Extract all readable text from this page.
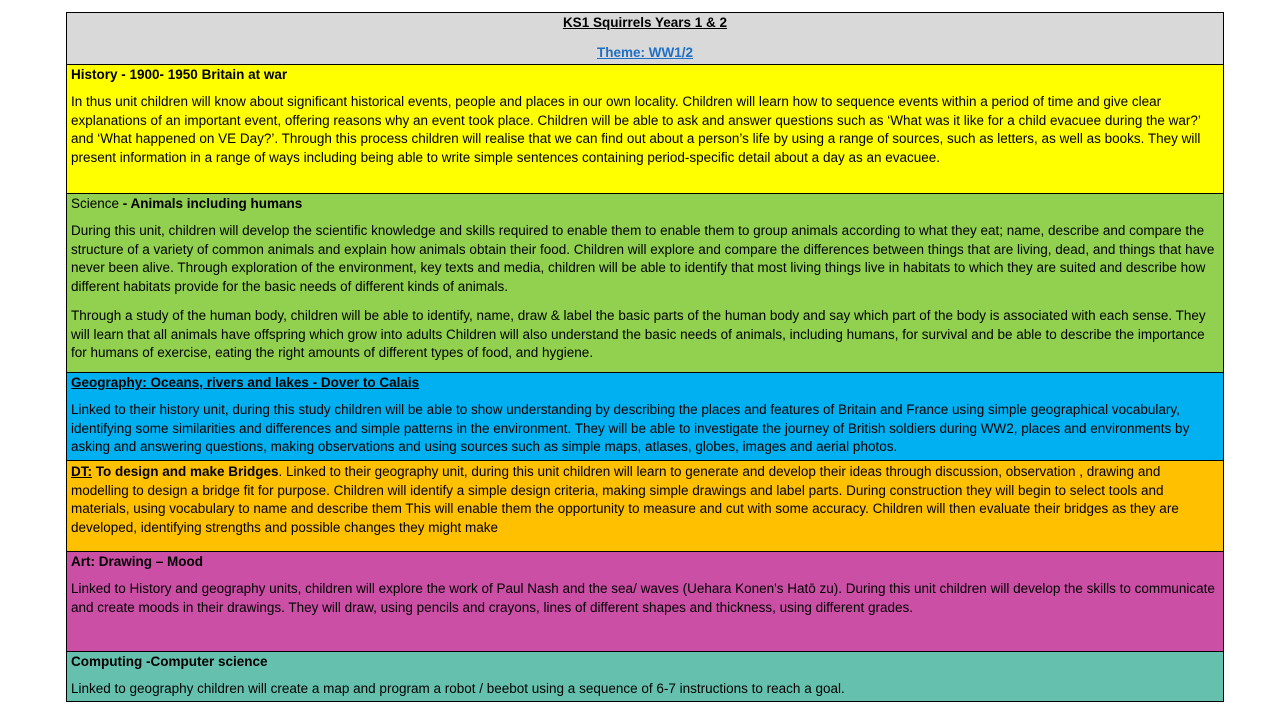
KS1 Squirrels Years 1 & 2

Theme: WW1/2

History - 1900- 1950 Britain at war

In thus unit children will know about significant historical events, people and places in our own locality. Children will learn how to sequence events within a period of time and give clear explanations of an important event, offering reasons why an event took place. Children will be able to ask and answer questions such as ‘What was it like for a child evacuee during the war?’ and ‘What happened on VE Day?’. Through this process children will realise that we can find out about a person’s life by using a range of sources, such as letters, as well as books. They will present information in a range of ways including being able to write simple sentences containing period-specific detail about a day as an evacuee.

Science - Animals including humans

During this unit, children will develop the scientific knowledge and skills required to enable them to enable them to group animals according to what they eat; name, describe and compare the structure of a variety of common animals and explain how animals obtain their food. Children will explore and compare the differences between things that are living, dead, and things that have never been alive. Through exploration of the environment, key texts and media, children will be able to identify that most living things live in habitats to which they are suited and describe how different habitats provide for the basic needs of different kinds of animals.

Through a study of the human body, children will be able to identify, name, draw & label the basic parts of the human body and say which part of the body is associated with each sense. They will learn that all animals have offspring which grow into adults Children will also understand the basic needs of animals, including humans, for survival and be able to describe the importance for humans of exercise, eating the right amounts of different types of food, and hygiene.

Geography: Oceans, rivers and lakes - Dover to Calais

Linked to their history unit, during this study children will be able to show understanding by describing the places and features of Britain and France using simple geographical vocabulary, identifying some similarities and differences and simple patterns in the environment. They will be able to investigate the journey of British soldiers during WW2, places and environments by asking and answering questions, making observations and using sources such as simple maps, atlases, globes, images and aerial photos.

DT: To design and make Bridges. Linked to their geography unit, during this unit children will learn to generate and develop their ideas through discussion, observation , drawing and modelling to design a bridge fit for purpose. Children will identify a simple design criteria, making simple drawings and label parts. During construction they will begin to select tools and materials, using vocabulary to name and describe them This will enable them the opportunity to measure and cut with some accuracy. Children will then evaluate their bridges as they are developed, identifying strengths and possible changes they might make

Art: Drawing – Mood

Linked to History and geography units, children will explore the work of Paul Nash and the sea/ waves (Uehara Konen's Hatō zu). During this unit children will develop the skills to communicate and create moods in their drawings. They will draw, using pencils and crayons, lines of different shapes and thickness, using different grades.

Computing -Computer science

Linked to geography children will create a map and program a robot / beebot using a sequence of 6-7 instructions to reach a goal.
